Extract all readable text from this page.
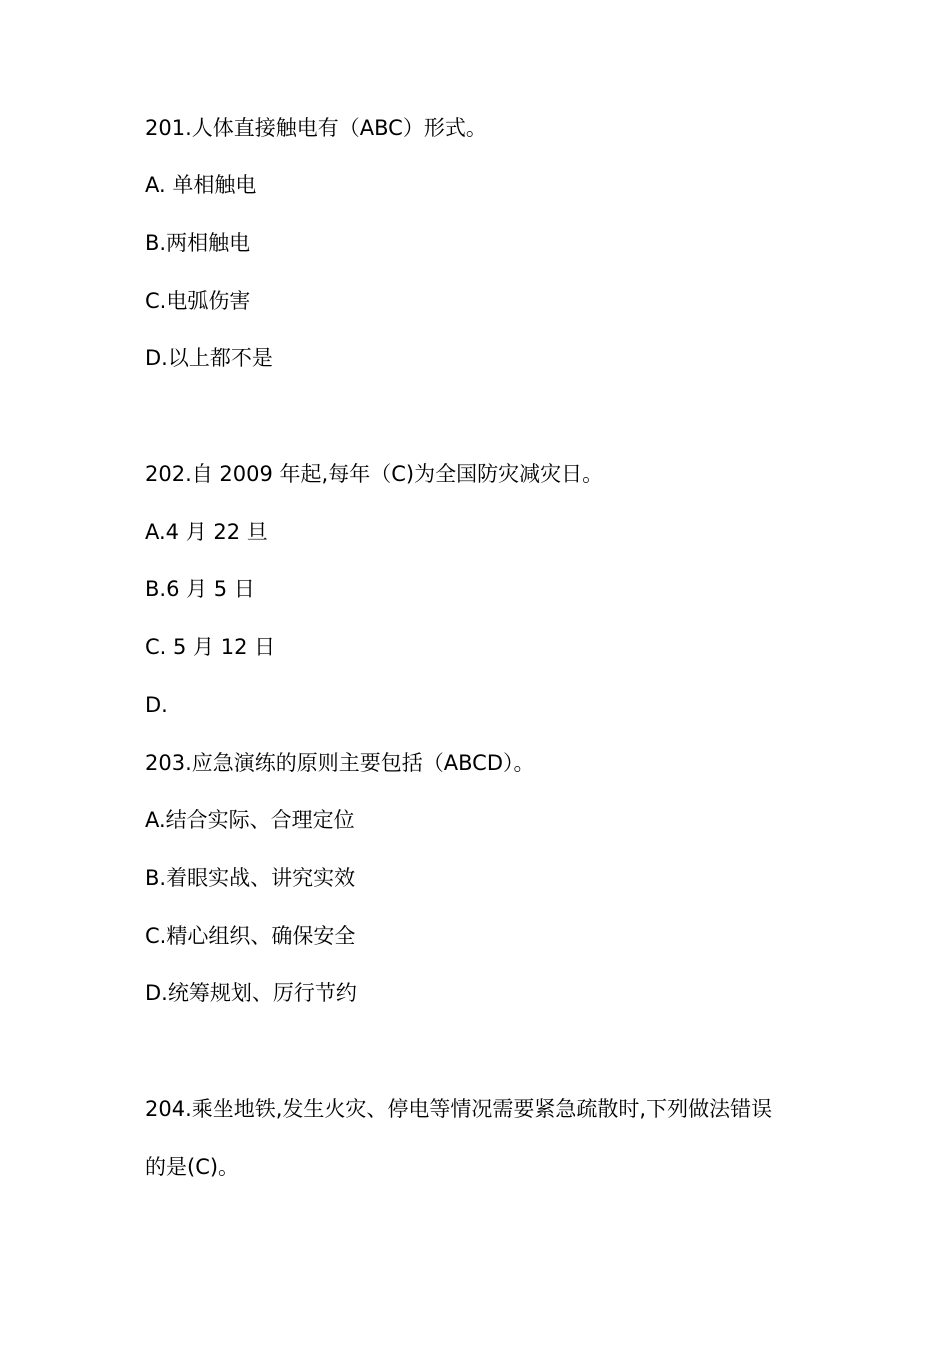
201.人体直接触电有（ABC）形式。
A. 单相触电
B.两相触电
C.电弧伤害
D.以上都不是
202.自 2009 年起,每年（C)为全国防灾减灾日。
A.4 月 22 旦
B.6 月 5 日
C. 5 月 12 日
D.
203.应急演练的原则主要包括（ABCD）。
A.结合实际、合理定位
B.着眼实战、讲究实效
C.精心组织、确保安全
D.统筹规划、厉行节约
204.乘坐地铁,发生火灾、停电等情况需要紧急疏散时,下列做法错误
的是(C)。
